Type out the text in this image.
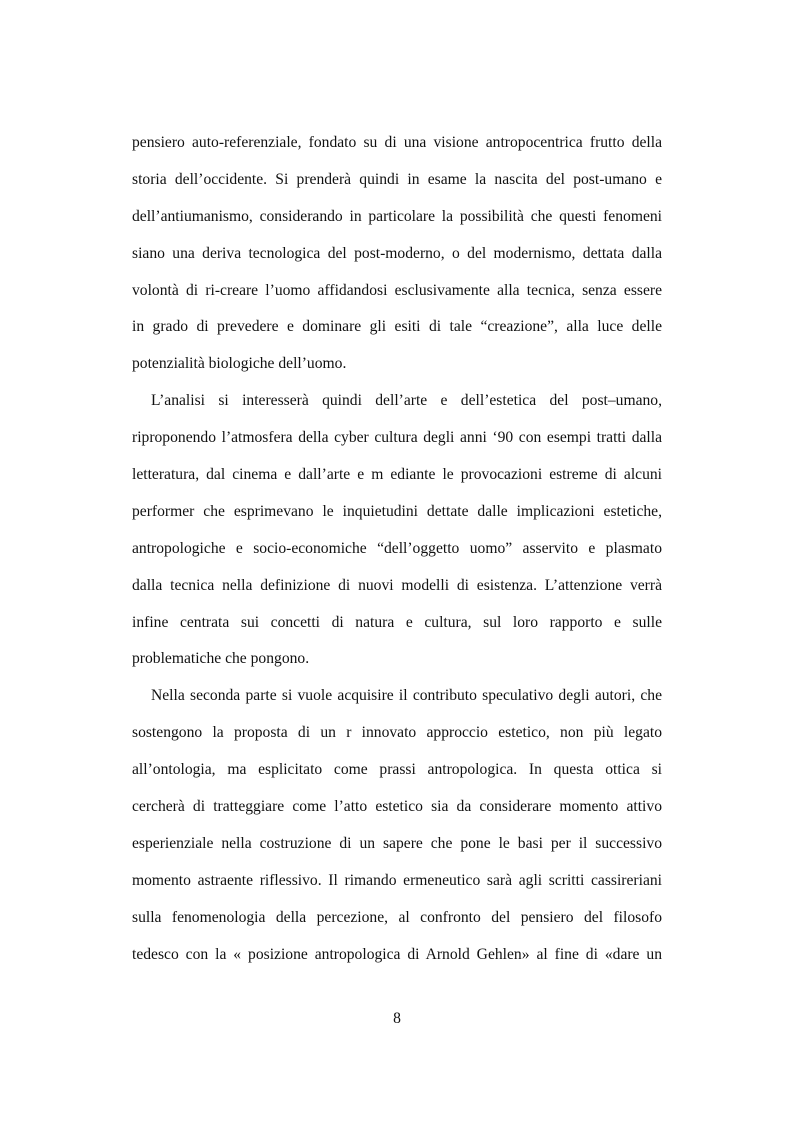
pensiero auto-referenziale, fondato su di una visione antropocentrica frutto della
storia dell’occidente. Si prenderà quindi in esame la nascita del post-umano e
dell’antiumanismo, considerando in particolare la possibilità che questi fenomeni
siano una deriva tecnologica del post-moderno, o del modernismo, dettata dalla
volontà di ri-creare l’uomo affidandosi esclusivamente alla tecnica, senza essere
in grado di prevedere e dominare gli esiti di tale “creazione”, alla luce delle
potenzialità biologiche dell’uomo.
L’analisi si interesserà quindi dell’arte e dell’estetica del post–umano,
riproponendo l’atmosfera della cyber cultura degli anni ‘90 con esempi tratti dalla
letteratura, dal cinema e dall’arte e m ediante le provocazioni estreme di alcuni
performer che esprimevano le inquietudini dettate dalle implicazioni estetiche,
antropologiche e socio-economiche “dell’oggetto uomo” asservito e plasmato
dalla tecnica nella definizione di nuovi modelli di esistenza. L’attenzione verrà
infine centrata sui concetti di natura e cultura, sul loro rapporto e sulle
problematiche che pongono.
Nella seconda parte si vuole acquisire il contributo speculativo degli autori, che
sostengono la proposta di un r innovato approccio estetico, non più legato
all’ontologia, ma esplicitato come prassi antropologica. In questa ottica si
cercherà di tratteggiare come l’atto estetico sia da considerare momento attivo
esperienziale nella costruzione di un sapere che pone le basi per il successivo
momento astraente riflessivo. Il rimando ermeneutico sarà agli scritti cassireriani
sulla fenomenologia della percezione, al confronto del pensiero del filosofo
tedesco con la « posizione antropologica di Arnold Gehlen» al fine di «dare un
8
